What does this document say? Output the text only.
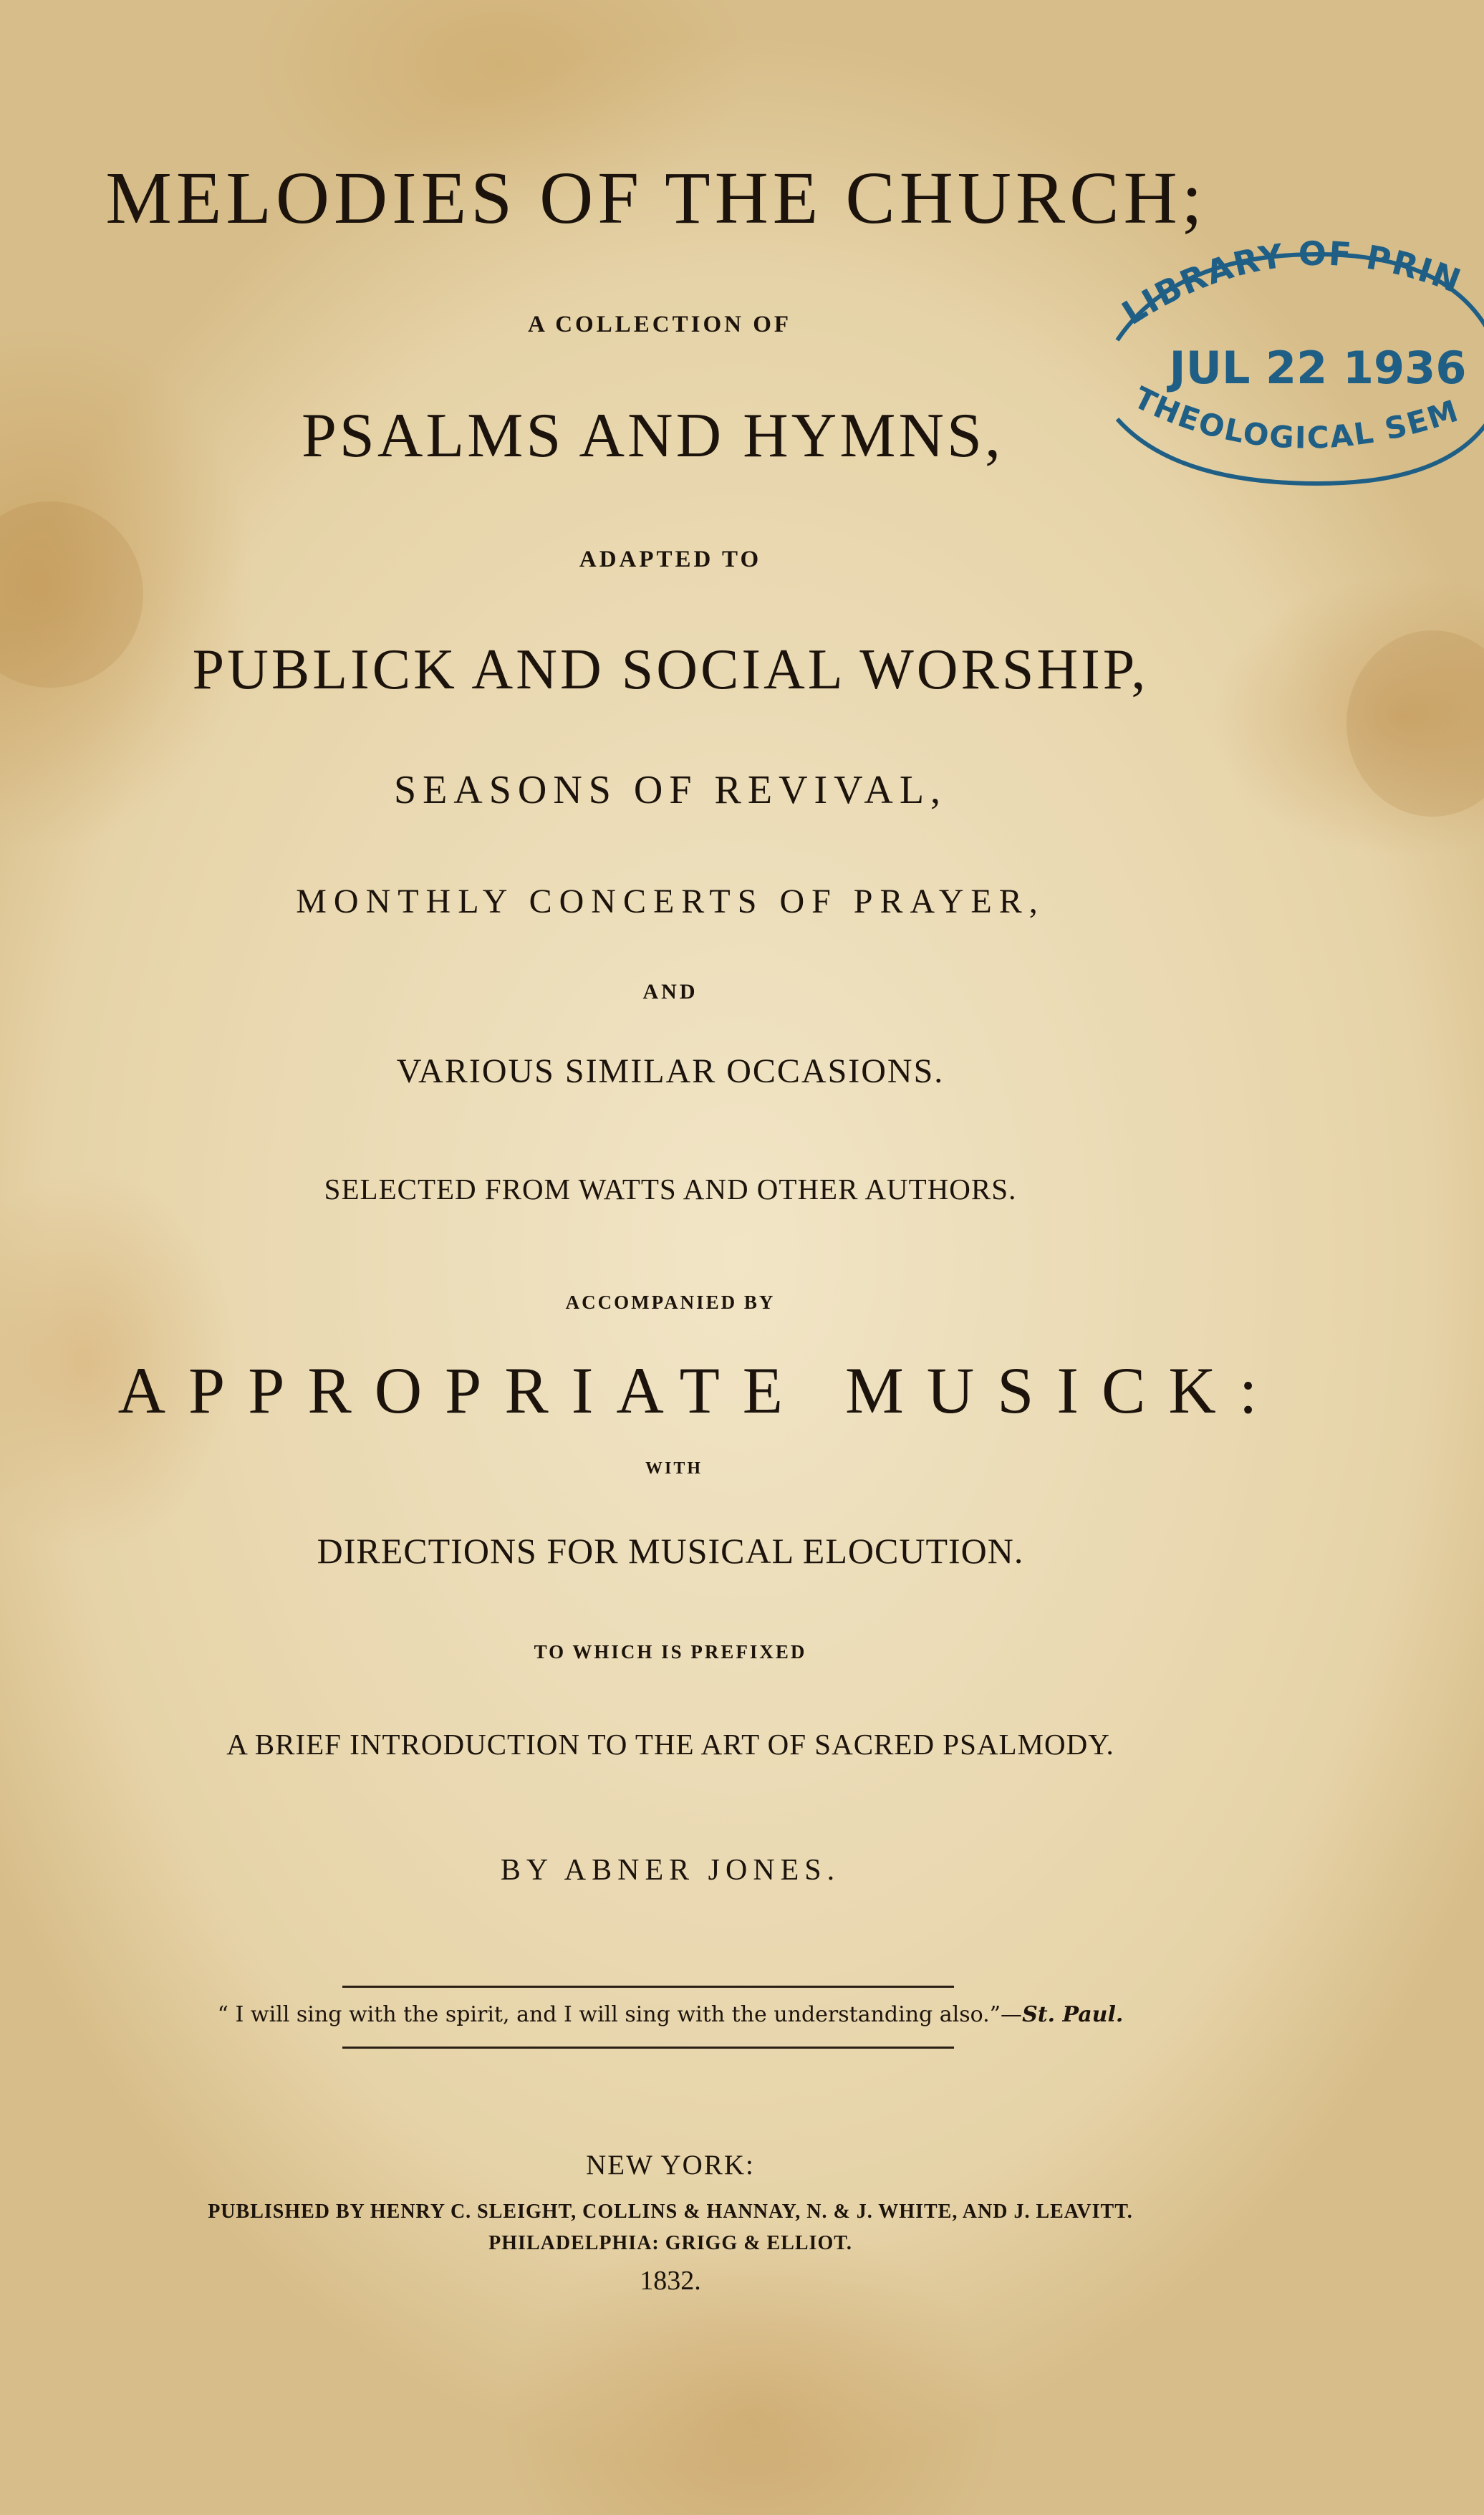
MELODIES OF THE CHURCH;
A COLLECTION OF
PSALMS AND HYMNS,
ADAPTED TO
PUBLICK AND SOCIAL WORSHIP,
SEASONS OF REVIVAL,
MONTHLY CONCERTS OF PRAYER,
AND
VARIOUS SIMILAR OCCASIONS.
SELECTED FROM WATTS AND OTHER AUTHORS.
ACCOMPANIED BY
APPROPRIATE MUSICK:
WITH
DIRECTIONS FOR MUSICAL ELOCUTION.
TO WHICH IS PREFIXED
A BRIEF INTRODUCTION TO THE ART OF SACRED PSALMODY.
BY ABNER JONES.
“ I will sing with the spirit, and I will sing with the understanding also.”—St. Paul.
NEW YORK:
PUBLISHED BY HENRY C. SLEIGHT, COLLINS & HANNAY, N. & J. WHITE, AND J. LEAVITT.
PHILADELPHIA: GRIGG & ELLIOT.
1832.
LIBRARY OF PRIN
JUL 22 1936
THEOLOGICAL SEM
